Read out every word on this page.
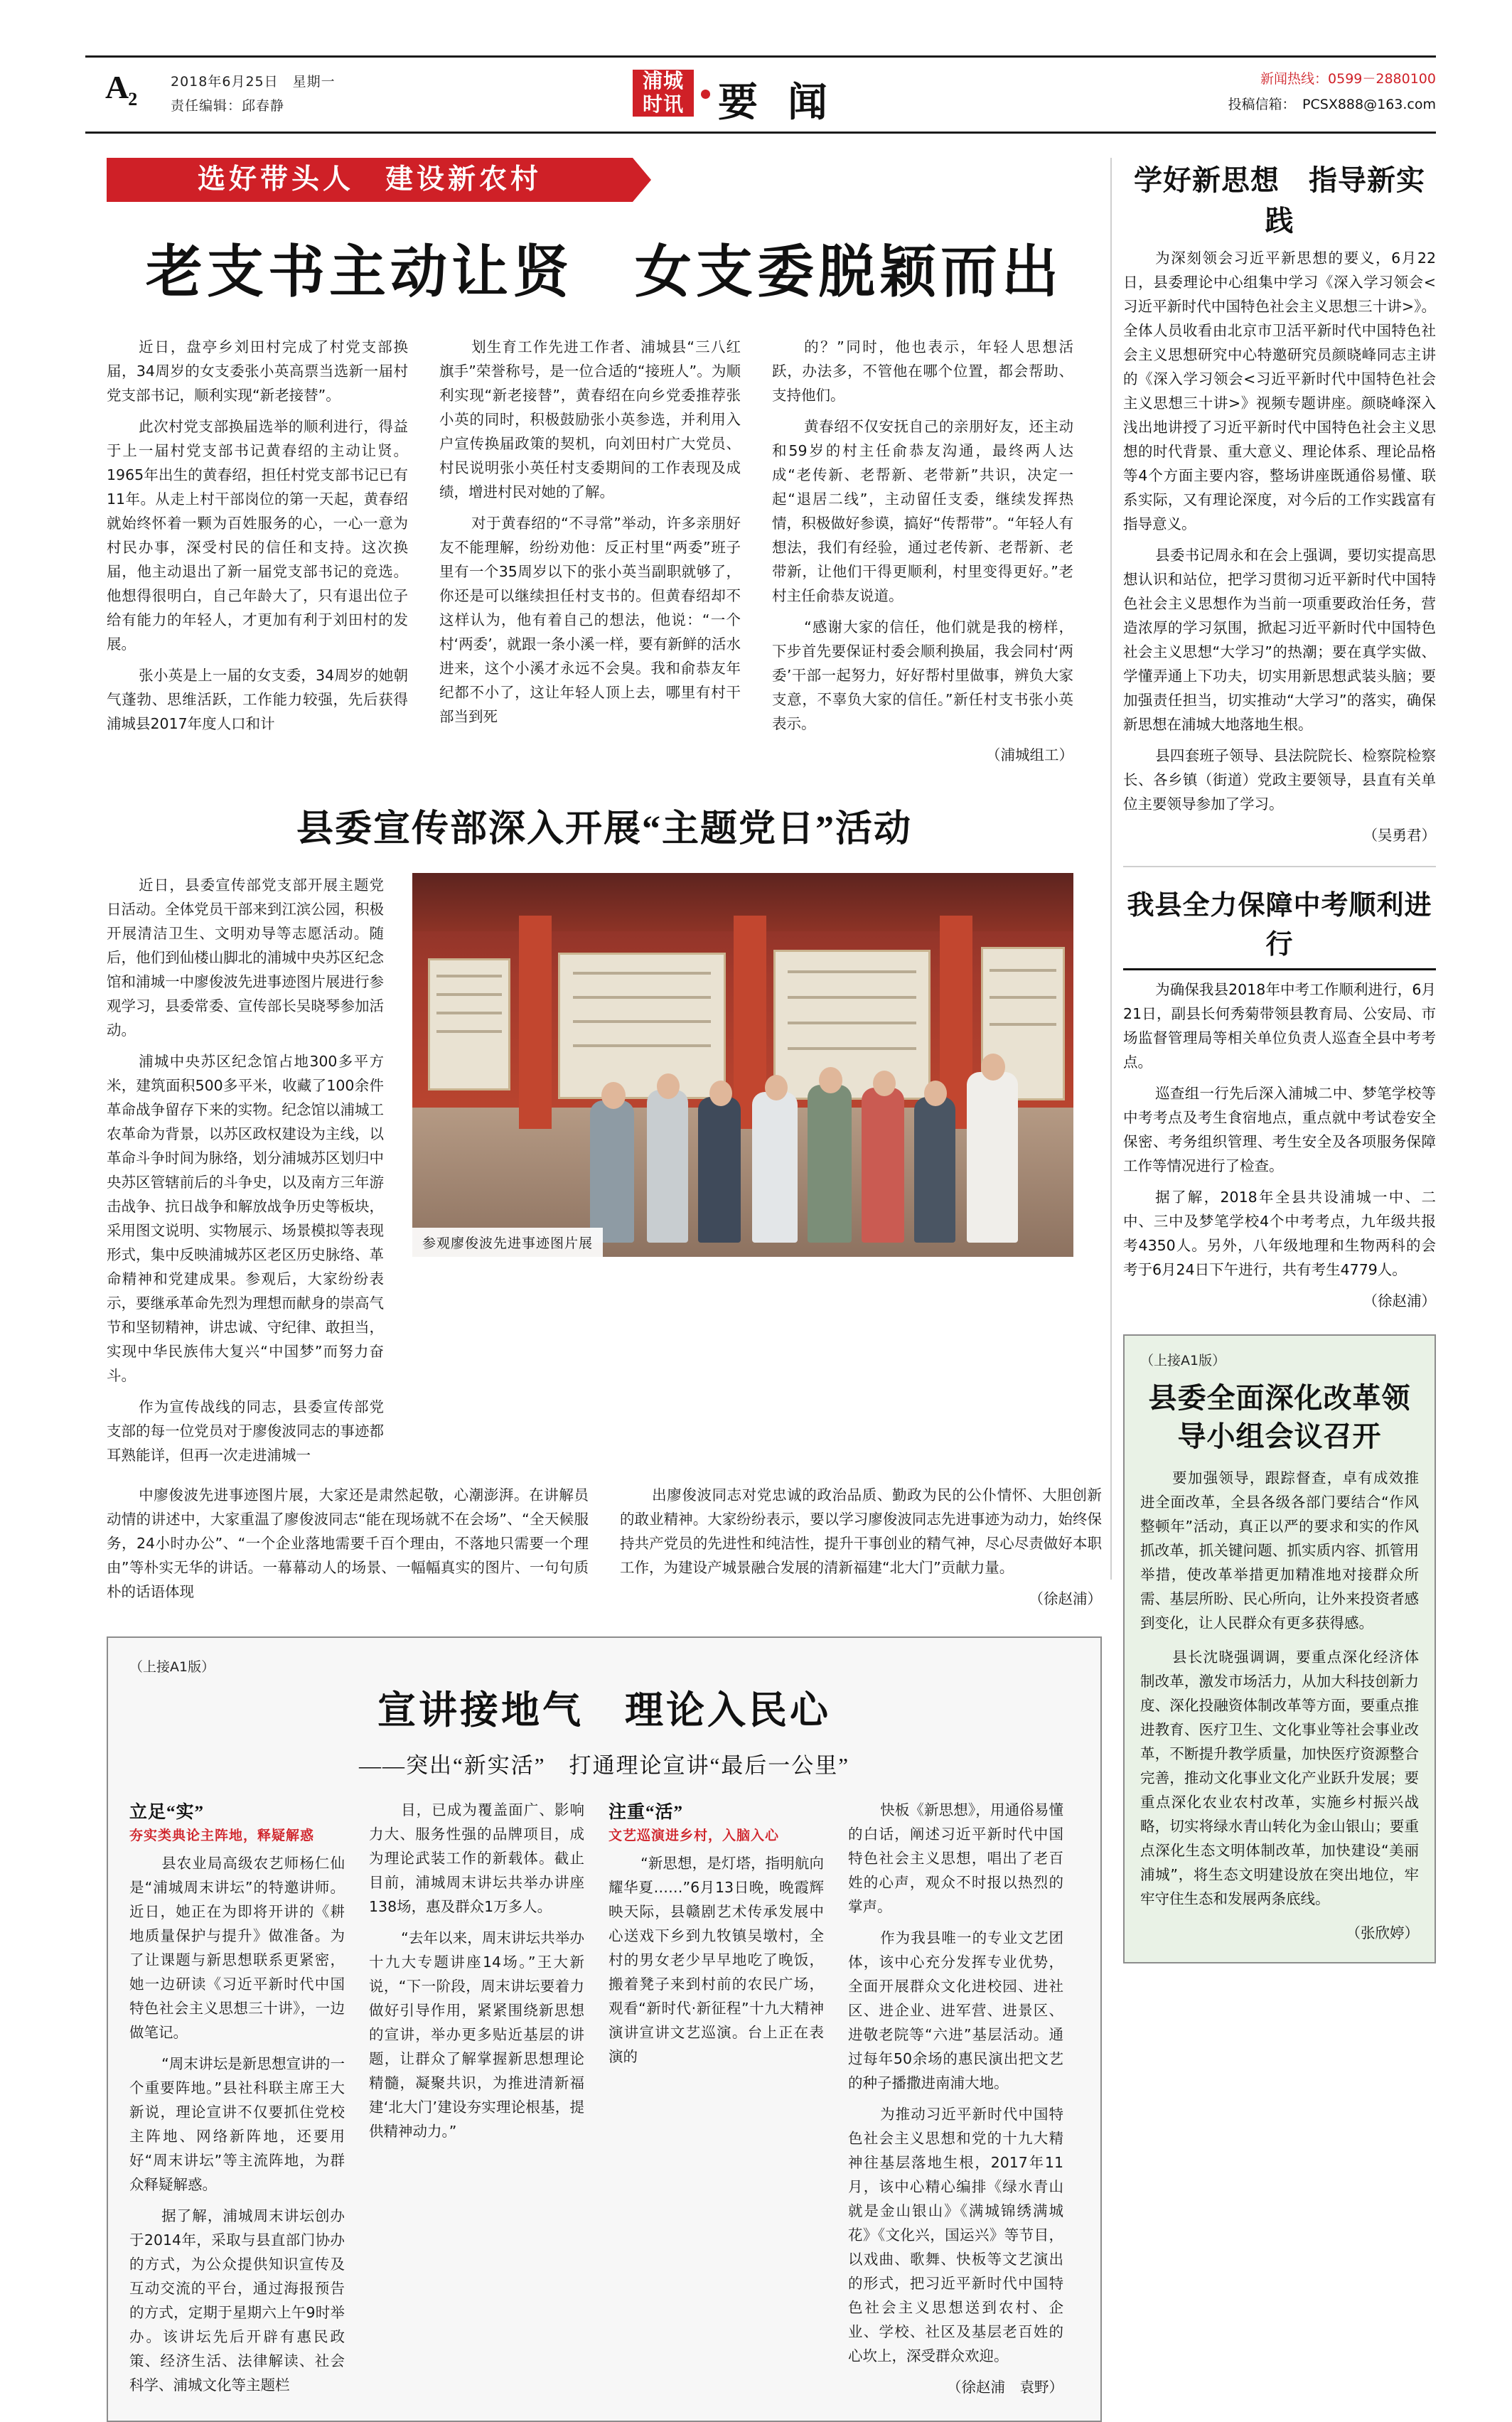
$A_2$
2018年6月25日　星期一
责任编辑：邱春静
浦城
时讯 要 闻
新闻热线：0599－2880100
投稿信箱：　PCSX888@163.com
选好带头人　建设新农村
老支书主动让贤　女支委脱颖而出

近日，盘亭乡刘田村完成了村党支部换届，34周岁的女支委张小英高票当选新一届村党支部书记，顺利实现“新老接替”。

此次村党支部换届选举的顺利进行，得益于上一届村党支部书记黄春绍的主动让贤。1965年出生的黄春绍，担任村党支部书记已有11年。从走上村干部岗位的第一天起，黄春绍就始终怀着一颗为百姓服务的心，一心一意为村民办事，深受村民的信任和支持。这次换届，他主动退出了新一届党支部书记的竞选。他想得很明白，自己年龄大了，只有退出位子给有能力的年轻人，才更加有利于刘田村的发展。

张小英是上一届的女支委，34周岁的她朝气蓬勃、思维活跃，工作能力较强，先后获得浦城县2017年度人口和计

划生育工作先进工作者、浦城县“三八红旗手”荣誉称号，是一位合适的“接班人”。为顺利实现“新老接替”，黄春绍在向乡党委推荐张小英的同时，积极鼓励张小英参选，并利用入户宣传换届政策的契机，向刘田村广大党员、村民说明张小英任村支委期间的工作表现及成绩，增进村民对她的了解。

对于黄春绍的“不寻常”举动，许多亲朋好友不能理解，纷纷劝他：反正村里“两委”班子里有一个35周岁以下的张小英当副职就够了，你还是可以继续担任村支书的。但黄春绍却不这样认为，他有着自己的想法，他说：“一个村‘两委’，就跟一条小溪一样，要有新鲜的活水进来，这个小溪才永远不会臭。我和俞恭友年纪都不小了，这让年轻人顶上去，哪里有村干部当到死

的？”同时，他也表示，年轻人思想活跃，办法多，不管他在哪个位置，都会帮助、支持他们。

黄春绍不仅安抚自己的亲朋好友，还主动和59岁的村主任俞恭友沟通，最终两人达成“老传新、老帮新、老带新”共识，决定一起“退居二线”，主动留任支委，继续发挥热情，积极做好参谟，搞好“传帮带”。“年轻人有想法，我们有经验，通过老传新、老帮新、老带新，让他们干得更顺利，村里变得更好。”老村主任俞恭友说道。

“感谢大家的信任，他们就是我的榜样，下步首先要保证村委会顺利换届，我会同村‘两委’干部一起努力，好好帮村里做事，辨负大家支意，不辜负大家的信任。”新任村支书张小英表示。

（浦城组工）

县委宣传部深入开展“主题党日”活动

近日，县委宣传部党支部开展主题党日活动。全体党员干部来到江滨公园，积极开展清洁卫生、文明劝导等志愿活动。随后，他们到仙楼山脚北的浦城中央苏区纪念馆和浦城一中廖俊波先进事迹图片展进行参观学习，县委常委、宣传部长吴晓琴参加活动。

浦城中央苏区纪念馆占地300多平方米，建筑面积500多平米，收藏了100余件革命战争留存下来的实物。纪念馆以浦城工农革命为背景，以苏区政权建设为主线，以革命斗争时间为脉络，划分浦城苏区划归中央苏区管辖前后的斗争史，以及南方三年游击战争、抗日战争和解放战争历史等板块，采用图文说明、实物展示、场景模拟等表现形式，集中反映浦城苏区老区历史脉络、革命精神和党建成果。参观后，大家纷纷表示，要继承革命先烈为理想而献身的崇高气节和坚韧精神，讲忠诚、守纪律、敢担当，实现中华民族伟大复兴“中国梦”而努力奋斗。

作为宣传战线的同志，县委宣传部党支部的每一位党员对于廖俊波同志的事迹都耳熟能详，但再一次走进浦城一

参观廖俊波先进事迹图片展

中廖俊波先进事迹图片展，大家还是肃然起敬，心潮澎湃。在讲解员动情的讲述中，大家重温了廖俊波同志“能在现场就不在会场”、“全天候服务，24小时办公”、“一个企业落地需要千百个理由，不落地只需要一个理由”等朴实无华的讲话。一幕幕动人的场景、一幅幅真实的图片、一句句质朴的话语体现

出廖俊波同志对党忠诚的政治品质、勤政为民的公仆情怀、大胆创新的敢业精神。大家纷纷表示，要以学习廖俊波同志先进事迹为动力，始终保持共产党员的先进性和纯洁性，提升干事创业的精气神，尽心尽责做好本职工作，为建设产城景融合发展的清新福建“北大门”贡献力量。

（徐赵浦）

（上接A1版）
宣讲接地气　理论入民心
——突出“新实活”　打通理论宣讲“最后一公里”

立足“实”

夯实类典论主阵地，释疑解惑

县农业局高级农艺师杨仁仙是“浦城周末讲坛”的特邀讲师。近日，她正在为即将开讲的《耕地质量保护与提升》做准备。为了让课题与新思想联系更紧密，她一边研读《习近平新时代中国特色社会主义思想三十讲》，一边做笔记。

“周末讲坛是新思想宣讲的一个重要阵地。”县社科联主席王大新说，理论宣讲不仅要抓住党校主阵地、网络新阵地，还要用好“周末讲坛”等主流阵地，为群众释疑解惑。

据了解，浦城周末讲坛创办于2014年，采取与县直部门协办的方式，为公众提供知识宣传及互动交流的平台，通过海报预告的方式，定期于星期六上午9时举办。该讲坛先后开辟有惠民政策、经济生活、法律解读、社会科学、浦城文化等主题栏

目，已成为覆盖面广、影响力大、服务性强的品牌项目，成为理论武装工作的新载体。截止目前，浦城周末讲坛共举办讲座138场，惠及群众1万多人。

“去年以来，周末讲坛共举办十九大专题讲座14场。”王大新说，“下一阶段，周末讲坛要着力做好引导作用，紧紧围绕新思想的宣讲，举办更多贴近基层的讲题，让群众了解掌握新思想理论精髓，凝聚共识，为推进清新福建‘北大门’建设夯实理论根基，提供精神动力。”

注重“活”

文艺巡演进乡村，入脑入心

“新思想，是灯塔，指明航向耀华夏……”6月13日晚，晚霞辉映天际，县赣剧艺术传承发展中心送戏下乡到九牧镇吴墩村，全村的男女老少早早地吃了晚饭，搬着凳子来到村前的农民广场，观看“新时代·新征程”十九大精神演讲宣讲文艺巡演。台上正在表演的

快板《新思想》，用通俗易懂的白话，阐述习近平新时代中国特色社会主义思想，唱出了老百姓的心声，观众不时报以热烈的掌声。

作为我县唯一的专业文艺团体，该中心充分发挥专业优势，全面开展群众文化进校园、进社区、进企业、进军营、进景区、进敬老院等“六进”基层活动。通过每年50余场的惠民演出把文艺的种子播撒进南浦大地。

为推动习近平新时代中国特色社会主义思想和党的十九大精神往基层落地生根，2017年11月，该中心精心编排《绿水青山就是金山银山》《满城锦绣满城花》《文化兴，国运兴》等节目，以戏曲、歌舞、快板等文艺演出的形式，把习近平新时代中国特色社会主义思想送到农村、企业、学校、社区及基层老百姓的心坎上，深受群众欢迎。

（徐赵浦　袁野）

学好新思想　指导新实践

为深刻领会习近平新思想的要义，6月22日，县委理论中心组集中学习《深入学习领会<习近平新时代中国特色社会主义思想三十讲>》。全体人员收看由北京市卫活平新时代中国特色社会主义思想研究中心特邀研究员颜晓峰同志主讲的《深入学习领会<习近平新时代中国特色社会主义思想三十讲>》视频专题讲座。颜晓峰深入浅出地讲授了习近平新时代中国特色社会主义思想的时代背景、重大意义、理论体系、理论品格等4个方面主要内容，整场讲座既通俗易懂、联系实际，又有理论深度，对今后的工作实践富有指导意义。

县委书记周永和在会上强调，要切实提高思想认识和站位，把学习贯彻习近平新时代中国特色社会主义思想作为当前一项重要政治任务，营造浓厚的学习氛围，掀起习近平新时代中国特色社会主义思想“大学习”的热潮；要在真学实做、学懂弄通上下功夫，切实用新思想武装头脑；要加强责任担当，切实推动“大学习”的落实，确保新思想在浦城大地落地生根。

县四套班子领导、县法院院长、检察院检察长、各乡镇（街道）党政主要领导，县直有关单位主要领导参加了学习。

（吴勇君）

我县全力保障中考顺利进行

为确保我县2018年中考工作顺利进行，6月21日，副县长何秀菊带领县教育局、公安局、市场监督管理局等相关单位负责人巡查全县中考考点。

巡查组一行先后深入浦城二中、梦笔学校等中考考点及考生食宿地点，重点就中考试卷安全保密、考务组织管理、考生安全及各项服务保障工作等情况进行了检查。

据了解，2018年全县共设浦城一中、二中、三中及梦笔学校4个中考考点，九年级共报考4350人。另外，八年级地理和生物两科的会考于6月24日下午进行，共有考生4779人。

（徐赵浦）

（上接A1版）
县委全面深化改革领导小组会议召开

要加强领导，跟踪督查，卓有成效推进全面改革，全县各级各部门要结合“作风整顿年”活动，真正以严的要求和实的作风抓改革，抓关键问题、抓实质内容、抓管用举措，使改革举措更加精准地对接群众所需、基层所盼、民心所向，让外来投资者感到变化，让人民群众有更多获得感。

县长沈晓强调调，要重点深化经济体制改革，激发市场活力，从加大科技创新力度、深化投融资体制改革等方面，要重点推进教育、医疗卫生、文化事业等社会事业改革，不断提升教学质量，加快医疗资源整合完善，推动文化事业文化产业跃升发展；要重点深化农业农村改革，实施乡村振兴战略，切实将绿水青山转化为金山银山；要重点深化生态文明体制改革，加快建设“美丽浦城”，将生态文明建设放在突出地位，牢牢守住生态和发展两条底线。

（张欣婷）
